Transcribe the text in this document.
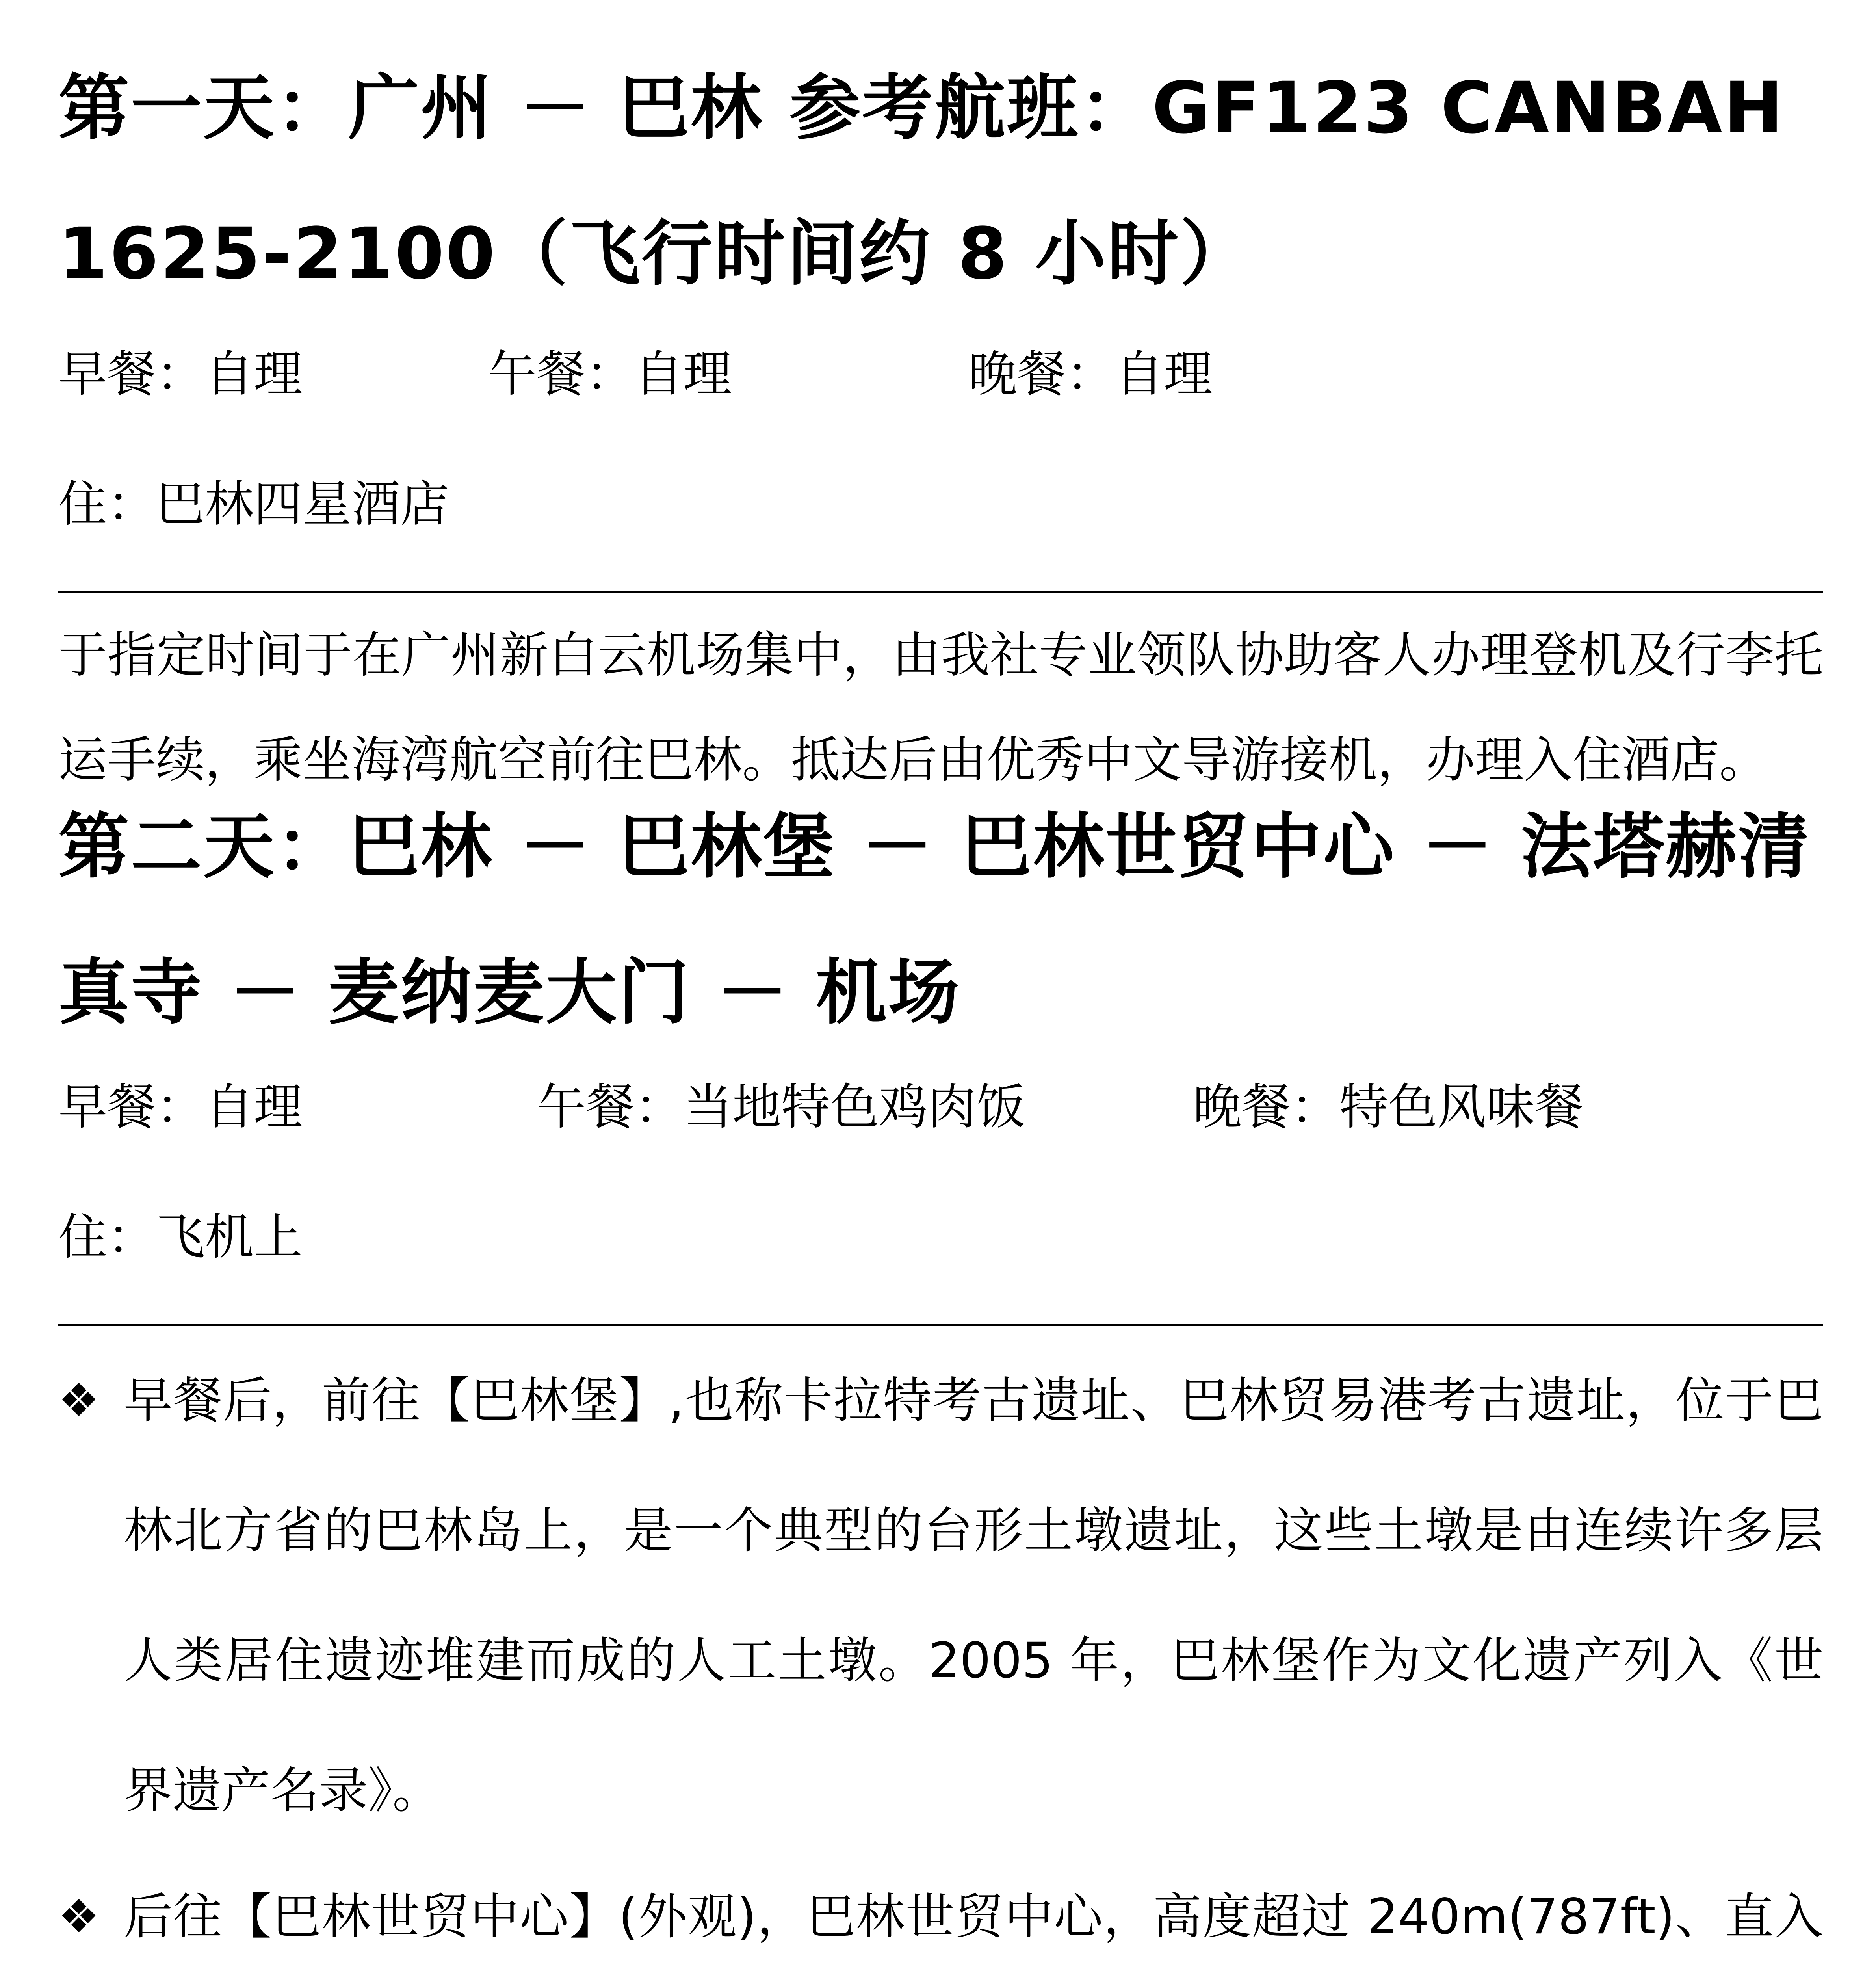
第一天：广州 － 巴林 参考航班：GF123 CANBAH 1625-2100（飞行时间约 8 小时）
早餐：自理	午餐：自理	晚餐：自理
住：巴林四星酒店

于指定时间于在广州新白云机场集中，由我社专业领队协助客人办理登机及行李托运手续，乘坐海湾航空前往巴林。抵达后由优秀中文导游接机，办理入住酒店。

第二天：巴林 － 巴林堡 － 巴林世贸中心 － 法塔赫清真寺 － 麦纳麦大门 － 机场
早餐：自理	午餐：当地特色鸡肉饭	晚餐：特色风味餐
住：飞机上
❖ 早餐后，前往【巴林堡】,也称卡拉特考古遗址、巴林贸易港考古遗址，位于巴林北方省的巴林岛上，是一个典型的台形土墩遗址，这些土墩是由连续许多层人类居住遗迹堆建而成的人工土墩。2005 年，巴林堡作为文化遗产列入《世界遗产名录》。

❖ 后往【巴林世贸中心】(外观)，巴林世贸中心，高度超过 240m(787ft)、直入
